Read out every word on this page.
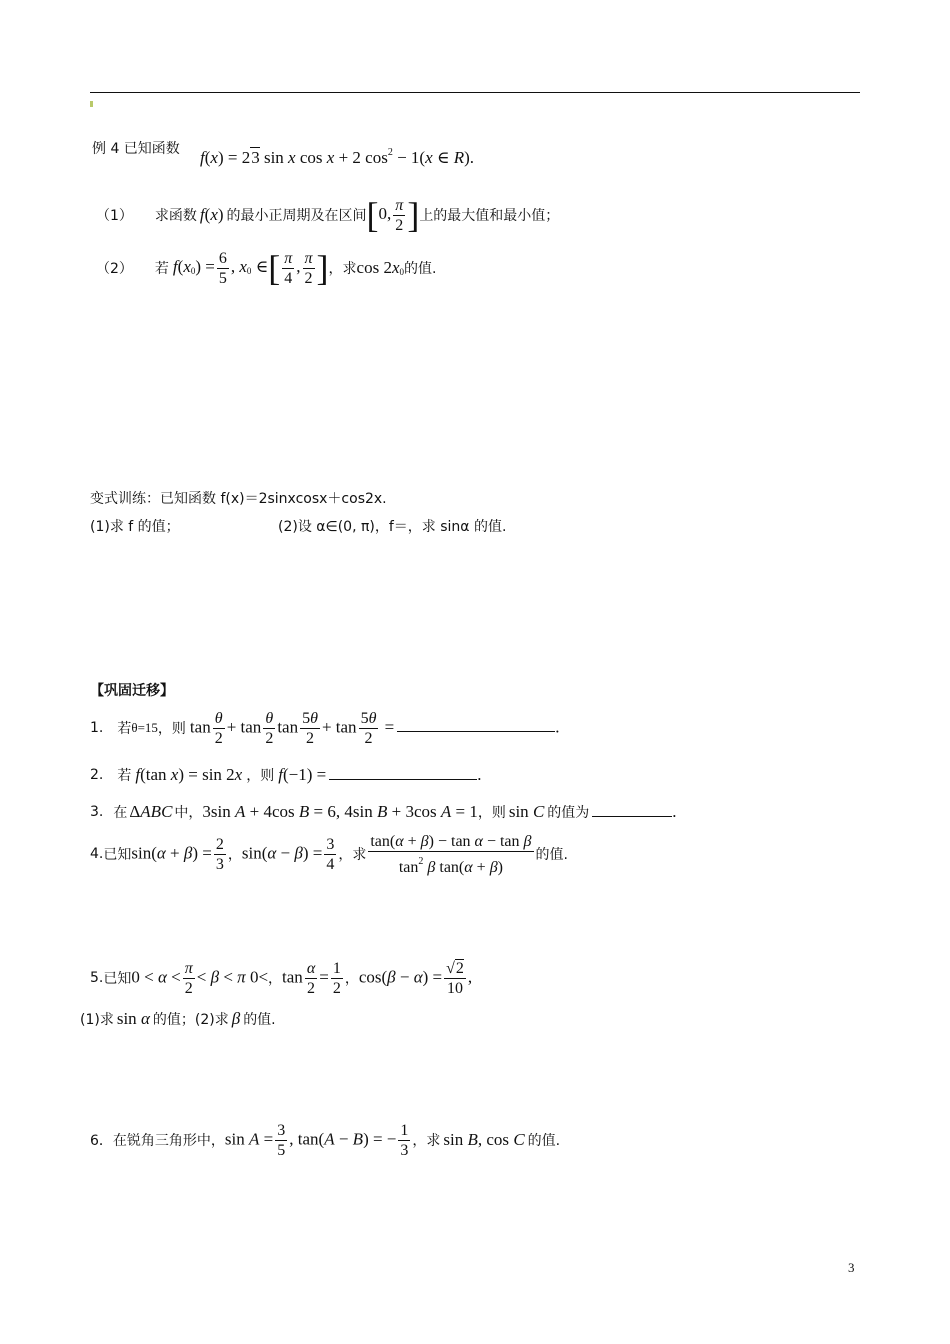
例 4 已知函数 f(x) = 23 sin x cos x + 2 $\cos^2 - 1(x$ ∈ R).
（1） 求函数 f(x) 的最小正周期及在区间 [0, $\frac{\pi}{2}$ ] 上的最大值和最小值；
（2） 若 $f(x_0) = \frac{6}{5}$ , $x_0$ ∈[ $\frac{\pi}{4}$ , $\frac{\pi}{2}$ ] ，求 $\cos 2x_0$ 的值.
变式训练：已知函数 f(x)＝2sinxcosx＋cos2x.
(1)求 f 的值；	(2)设 α∈(0, π)，f＝，求 sinα 的值.
【巩固迁移】
1. 若 θ=15 ，则 $\tan \frac{\theta}{2} + \tan \frac{\theta}{2}$ $\tan \frac{5\theta}{2} + \tan \frac{5\theta}{2}$ =	.
2. 若 f(tan x) = sin 2x ，则 f(−1) =	.
3. 在 ΔABC 中， 3sin A + 4cos B = 6, 4sin B + 3cos A = 1 ，则 sin C 的值为	.
4. 已知 $\sin(\alpha + \beta) = \frac{2}{3}$ ， $\sin(\alpha - \beta) = \frac{3}{4}$ ，求 $\frac{\text{tan(α + β) − tan α − tan β}}{\tan^2 \beta \tan(\alpha + \beta)}$ 的值.
5. 已知 $0 < \alpha < \frac{\pi}{2} < \beta < \pi$ 0< ， $\tan \frac{\alpha}{2} = \frac{1}{2}$ ， $\cos(\beta - \alpha) = \frac{√2}{10}$ ,
(1)求 sin α 的值；(2)求 β 的值.
6． 在锐角三角形中， $\sin A = \frac{3}{5}$ , tan(A − B) = − $\frac{1}{3}$ ，求 sin B, cos C 的值.
3
